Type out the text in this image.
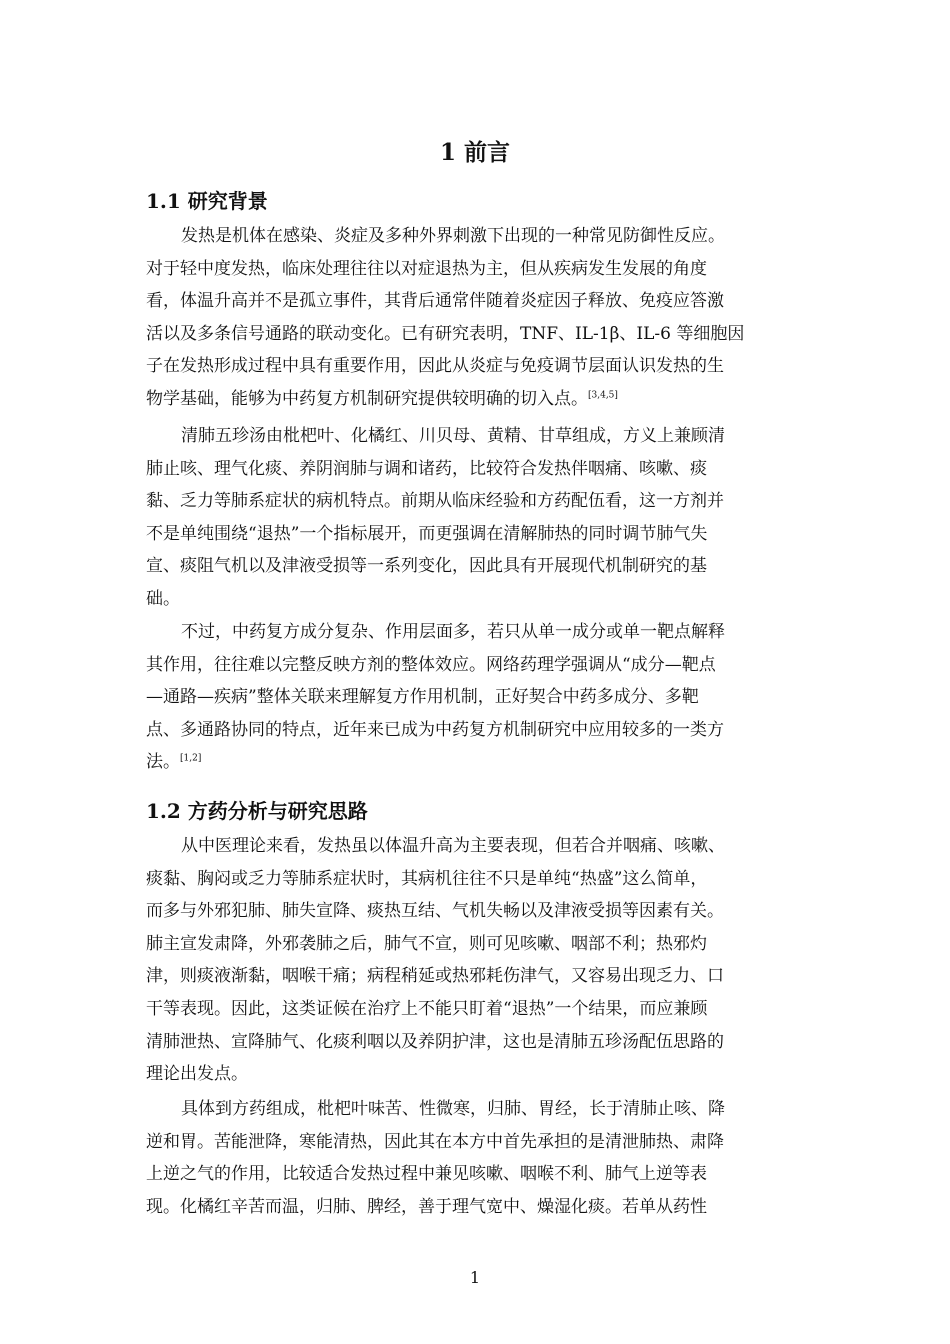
1 前言
1.1 研究背景

发热是机体在感染、炎症及多种外界刺激下出现的一种常见防御性反应。
对于轻中度发热，临床处理往往以对症退热为主，但从疾病发生发展的角度
看，体温升高并不是孤立事件，其背后通常伴随着炎症因子释放、免疫应答激
活以及多条信号通路的联动变化。已有研究表明，TNF、IL-1β、IL-6 等细胞因
子在发热形成过程中具有重要作用，因此从炎症与免疫调节层面认识发热的生
物学基础，能够为中药复方机制研究提供较明确的切入点。[3,4,5]

清肺五珍汤由枇杷叶、化橘红、川贝母、黄精、甘草组成，方义上兼顾清
肺止咳、理气化痰、养阴润肺与调和诸药，比较符合发热伴咽痛、咳嗽、痰
黏、乏力等肺系症状的病机特点。前期从临床经验和方药配伍看，这一方剂并
不是单纯围绕“退热”一个指标展开，而更强调在清解肺热的同时调节肺气失
宣、痰阻气机以及津液受损等一系列变化，因此具有开展现代机制研究的基
础。

不过，中药复方成分复杂、作用层面多，若只从单一成分或单一靶点解释
其作用，往往难以完整反映方剂的整体效应。网络药理学强调从“成分—靶点
—通路—疾病”整体关联来理解复方作用机制，正好契合中药多成分、多靶
点、多通路协同的特点，近年来已成为中药复方机制研究中应用较多的一类方
法。[1,2]

1.2 方药分析与研究思路

从中医理论来看，发热虽以体温升高为主要表现，但若合并咽痛、咳嗽、
痰黏、胸闷或乏力等肺系症状时，其病机往往不只是单纯“热盛”这么简单，
而多与外邪犯肺、肺失宣降、痰热互结、气机失畅以及津液受损等因素有关。
肺主宣发肃降，外邪袭肺之后，肺气不宣，则可见咳嗽、咽部不利；热邪灼
津，则痰液渐黏，咽喉干痛；病程稍延或热邪耗伤津气，又容易出现乏力、口
干等表现。因此，这类证候在治疗上不能只盯着“退热”一个结果，而应兼顾
清肺泄热、宣降肺气、化痰利咽以及养阴护津，这也是清肺五珍汤配伍思路的
理论出发点。

具体到方药组成，枇杷叶味苦、性微寒，归肺、胃经，长于清肺止咳、降
逆和胃。苦能泄降，寒能清热，因此其在本方中首先承担的是清泄肺热、肃降
上逆之气的作用，比较适合发热过程中兼见咳嗽、咽喉不利、肺气上逆等表
现。化橘红辛苦而温，归肺、脾经，善于理气宽中、燥湿化痰。若单从药性

1
